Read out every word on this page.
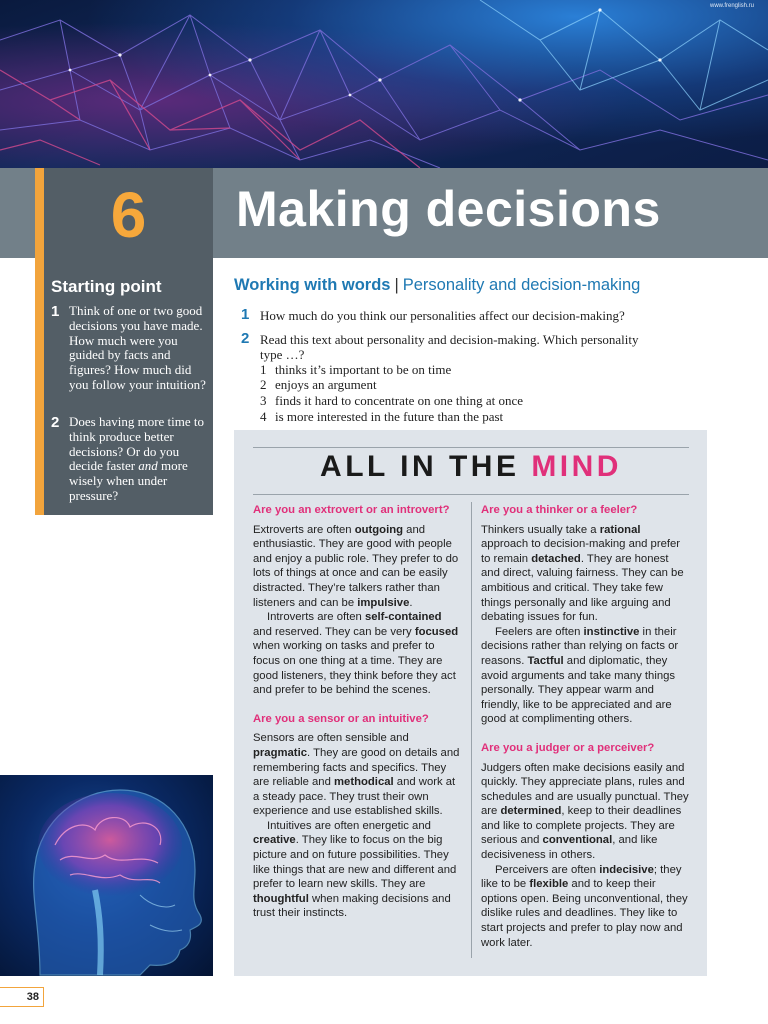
www.frenglish.ru
6	Making decisions
Starting point
1 Think of one or two good decisions you have made. How much were you guided by facts and figures? How much did you follow your intuition?
2 Does having more time to think produce better decisions? Or do you decide faster and more wisely when under pressure?
Working with words | Personality and decision-making
1 How much do you think our personalities affect our decision-making?
2 Read this text about personality and decision-making. Which personality
type …?
1 thinks it’s important to be on time
2 enjoys an argument
3 finds it hard to concentrate on one thing at once
4 is more interested in the future than the past
ALL IN THE MIND

Are you an extrovert or an introvert?

Extroverts are often outgoing and enthusiastic. They are good with people and enjoy a public role. They prefer to do lots of things at once and can be easily distracted. They’re talkers rather than listeners and can be impulsive.

Introverts are often self-contained and reserved. They can be very focused when working on tasks and prefer to focus on one thing at a time. They are good listeners, they think before they act and prefer to be behind the scenes.

Are you a sensor or an intuitive?

Sensors are often sensible and pragmatic. They are good on details and remembering facts and specifics. They are reliable and methodical and work at a steady pace. They trust their own experience and use established skills.

Intuitives are often energetic and creative. They like to focus on the big picture and on future possibilities. They like things that are new and different and prefer to learn new skills. They are thoughtful when making decisions and trust their instincts.

Are you a thinker or a feeler?

Thinkers usually take a rational approach to decision-making and prefer to remain detached. They are honest and direct, valuing fairness. They can be ambitious and critical. They take few things personally and like arguing and debating issues for fun.

Feelers are often instinctive in their decisions rather than relying on facts or reasons. Tactful and diplomatic, they avoid arguments and take many things personally. They appear warm and friendly, like to be appreciated and are good at complimenting others.

Are you a judger or a perceiver?

Judgers often make decisions easily and quickly. They appreciate plans, rules and schedules and are usually punctual. They are determined, keep to their deadlines and like to complete projects. They are serious and conventional, and like decisiveness in others.

Perceivers are often indecisive; they like to be flexible and to keep their options open. Being unconventional, they dislike rules and deadlines. They like to start projects and prefer to play now and work later.

38
